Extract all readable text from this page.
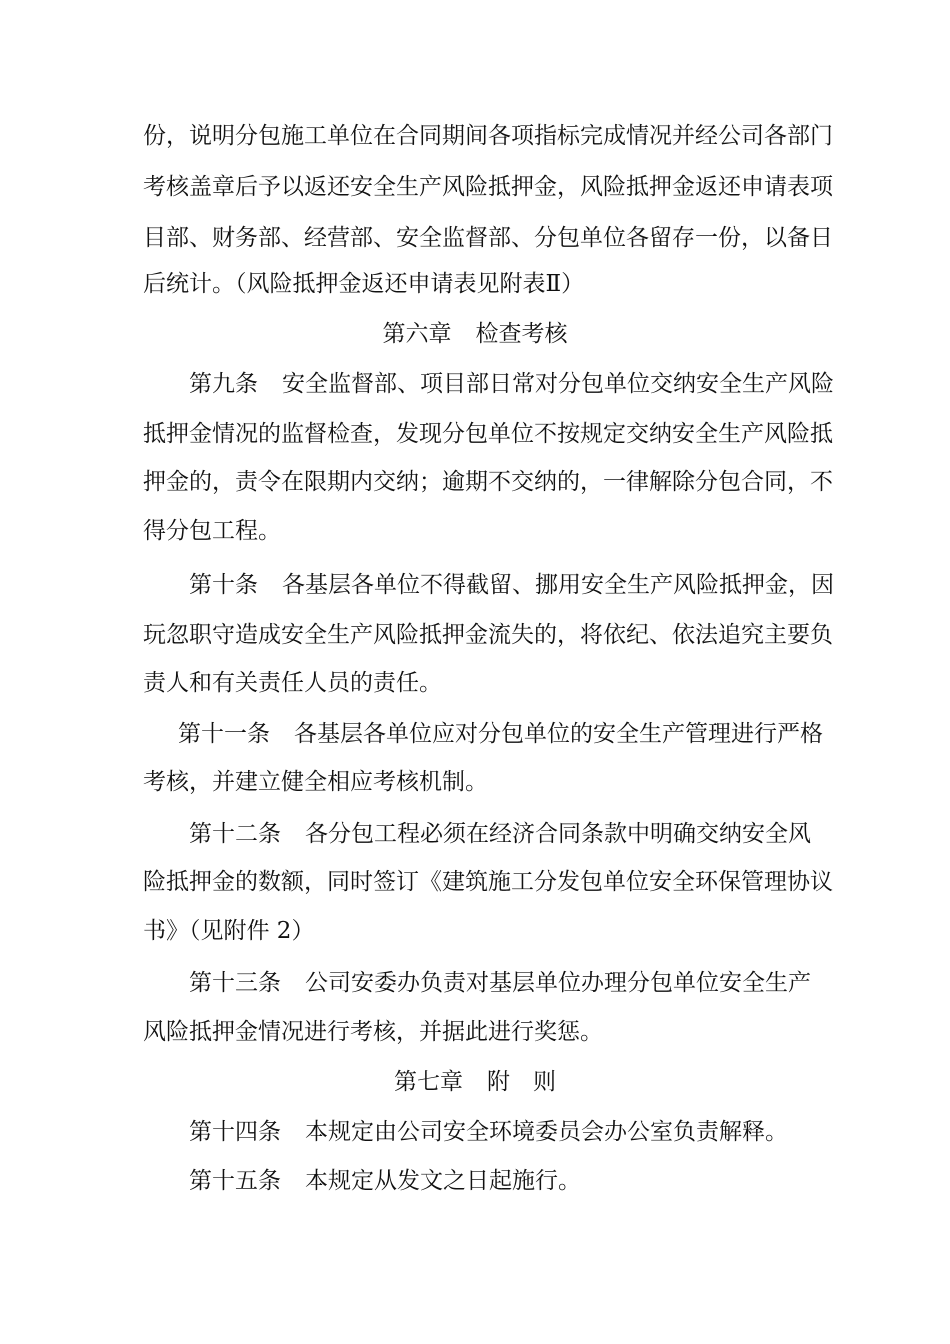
份，说明分包施工单位在合同期间各项指标完成情况并经公司各部门
考核盖章后予以返还安全生产风险抵押金，风险抵押金返还申请表项
目部、财务部、经营部、安全监督部、分包单位各留存一份，以备日
后统计。（风险抵押金返还申请表见附表Ⅱ）
第六章 检查考核
第九条 安全监督部、项目部日常对分包单位交纳安全生产风险
抵押金情况的监督检查，发现分包单位不按规定交纳安全生产风险抵
押金的，责令在限期内交纳；逾期不交纳的，一律解除分包合同，不
得分包工程。
第十条 各基层各单位不得截留、挪用安全生产风险抵押金，因
玩忽职守造成安全生产风险抵押金流失的，将依纪、依法追究主要负
责人和有关责任人员的责任。
第十一条 各基层各单位应对分包单位的安全生产管理进行严格
考核，并建立健全相应考核机制。
第十二条 各分包工程必须在经济合同条款中明确交纳安全风
险抵押金的数额，同时签订《建筑施工分发包单位安全环保管理协议
书》（见附件 2）
第十三条 公司安委办负责对基层单位办理分包单位安全生产
风险抵押金情况进行考核，并据此进行奖惩。
第七章 附　则
第十四条 本规定由公司安全环境委员会办公室负责解释。
第十五条 本规定从发文之日起施行。
